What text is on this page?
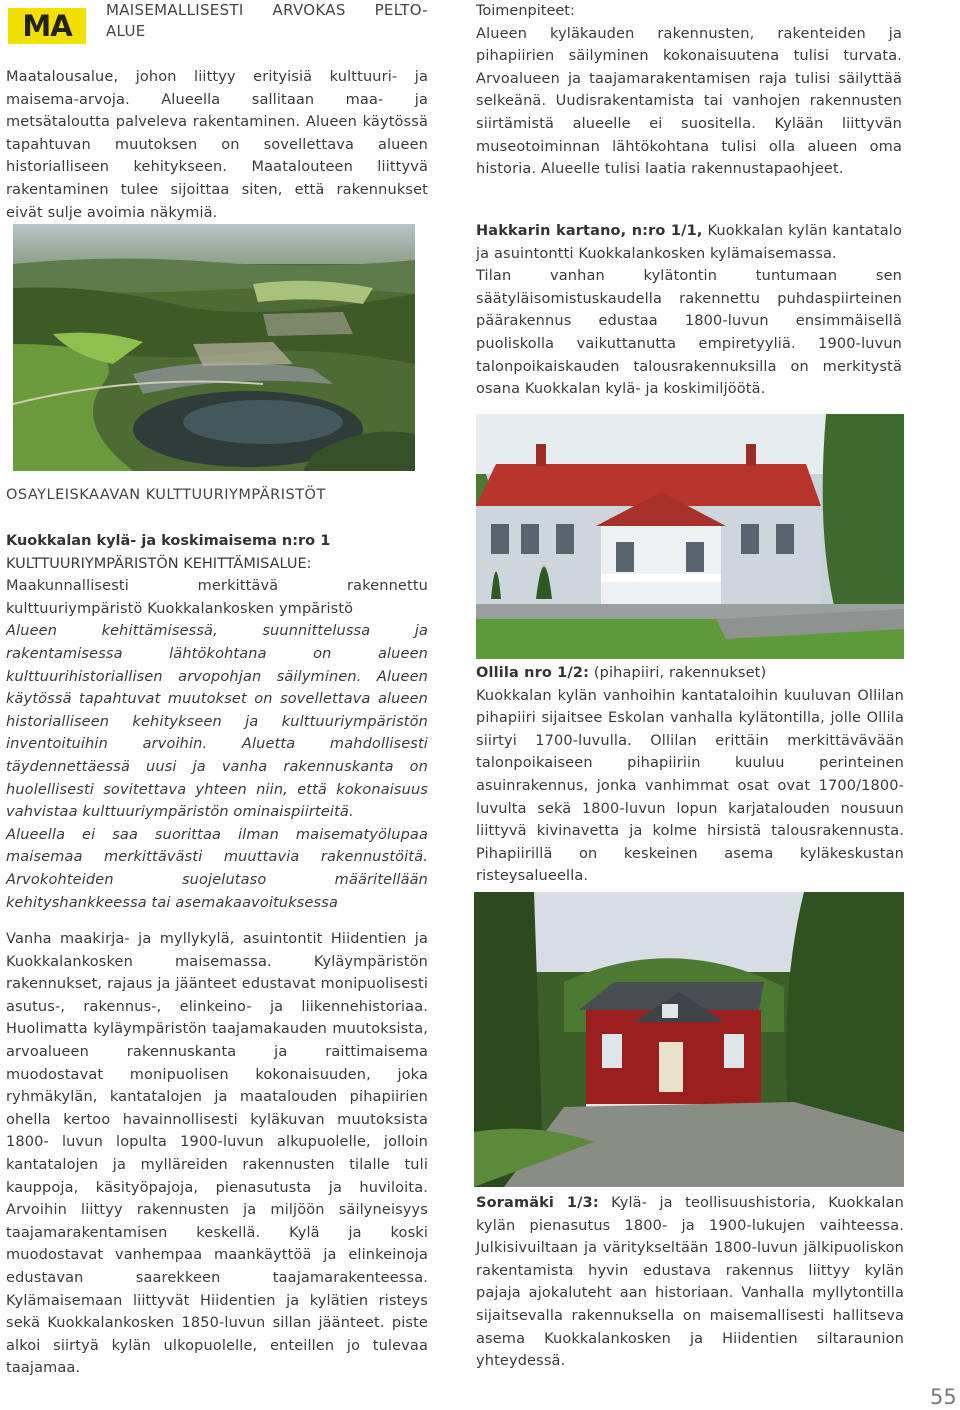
MA	MAISEMALLISESTI ARVOKAS PELTO-
ALUE

Maatalousalue, johon liittyy erityisiä kulttuuri- ja maisema-arvoja. Alueella sallitaan maa- ja metsätaloutta palveleva rakentaminen. Alueen käytössä tapahtuvan muutoksen on sovellettava alueen historialliseen kehitykseen. Maatalouteen liittyvä rakentaminen tulee sijoittaa siten, että rakennukset eivät sulje avoimia näkymiä.

OSAYLEISKAAVAN KULTTUURIYMPÄRISTÖT
Kuokkalan kylä- ja koskimaisema n:ro 1
KULTTUURIYMPÄRISTÖN KEHITTÄMISALUE:

Maakunnallisesti merkittävä rakennettu kulttuuriympäristö Kuokkalankosken ympäristö

Alueen kehittämisessä, suunnittelussa ja rakentamisessa lähtökohtana on alueen kulttuurihistoriallisen arvopohjan säilyminen. Alueen käytössä tapahtuvat muutokset on sovellettava alueen historialliseen kehitykseen ja kulttuuriympäristön inventoituihin arvoihin. Aluetta mahdollisesti täydennettäessä uusi ja vanha rakennuskanta on huolellisesti sovitettava yhteen niin, että kokonaisuus vahvistaa kulttuuriympäristön ominaispiirteitä.

Alueella ei saa suorittaa ilman maisematyölupaa maisemaa merkittävästi muuttavia rakennustöitä. Arvokohteiden suojelutaso määritellään kehityshankkeessa tai asemakaavoituksessa

Vanha maakirja- ja myllykylä, asuintontit Hiidentien ja Kuokkalankosken maisemassa. Kyläympäristön rakennukset, rajaus ja jäänteet edustavat monipuolisesti asutus-, rakennus-, elinkeino- ja liikennehistoriaa. Huolimatta kyläympäristön taajamakauden muutoksista, arvoalueen rakennuskanta ja raittimaisema muodostavat monipuolisen kokonaisuuden, joka ryhmäkylän, kantatalojen ja maatalouden pihapiirien ohella kertoo havainnollisesti kyläkuvan muutoksista 1800- luvun lopulta 1900-luvun alkupuolelle, jolloin kantatalojen ja mylläreiden rakennusten tilalle tuli kauppoja, käsityöpajoja, pienasutusta ja huviloita. Arvoihin liittyy rakennusten ja miljöön säilyneisyys taajamarakentamisen keskellä. Kylä ja koski muodostavat vanhempaa maankäyttöä ja elinkeinoja edustavan saarekkeen taajamarakenteessa. Kylämaisemaan liittyvät Hiidentien ja kylätien risteys sekä Kuokkalankosken 1850-luvun sillan jäänteet. piste alkoi siirtyä kylän ulkopuolelle, enteillen jo tulevaa taajamaa.

Toimenpiteet:

Alueen kyläkauden rakennusten, rakenteiden ja pihapiirien säilyminen kokonaisuutena tulisi turvata. Arvoalueen ja taajamarakentamisen raja tulisi säilyttää selkeänä. Uudisrakentamista tai vanhojen rakennusten siirtämistä alueelle ei suositella. Kylään liittyvän museotoiminnan lähtökohtana tulisi olla alueen oma historia. Alueelle tulisi laatia rakennustapaohjeet.

Hakkarin kartano, n:ro 1/1, Kuokkalan kylän kantatalo ja asuintontti Kuokkalankosken kylämaisemassa.

Tilan vanhan kylätontin tuntumaan sen säätyläisomistuskaudella rakennettu puhdaspiirteinen päärakennus edustaa 1800-luvun ensimmäisellä puoliskolla vaikuttanutta empiretyyliä. 1900-luvun talonpoikaiskauden talousrakennuksilla on merkitystä osana Kuokkalan kylä- ja koskimiljöötä.

Ollila nro 1/2: (pihapiiri, rakennukset)

Kuokkalan kylän vanhoihin kantataloihin kuuluvan Ollilan pihapiiri sijaitsee Eskolan vanhalla kylätontilla, jolle Ollila siirtyi 1700-luvulla. Ollilan erittäin merkittävävään talonpoikaiseen pihapiiriin kuuluu perinteinen asuinrakennus, jonka vanhimmat osat ovat 1700/1800-luvulta sekä 1800-luvun lopun karjatalouden nousuun liittyvä kivinavetta ja kolme hirsistä talousrakennusta. Pihapiirillä on keskeinen asema kyläkeskustan risteysalueella.

Soramäki 1/3: Kylä- ja teollisuushistoria, Kuokkalan kylän pienasutus 1800- ja 1900-lukujen vaihteessa. Julkisivuiltaan ja väritykseltään 1800-luvun jälkipuoliskon rakentamista hyvin edustava rakennus liittyy kylän pajaja ajokaluteht aan historiaan. Vanhalla myllytontilla sijaitsevalla rakennuksella on maisemallisesti hallitseva asema Kuokkalankosken ja Hiidentien siltaraunion yhteydessä.

55
